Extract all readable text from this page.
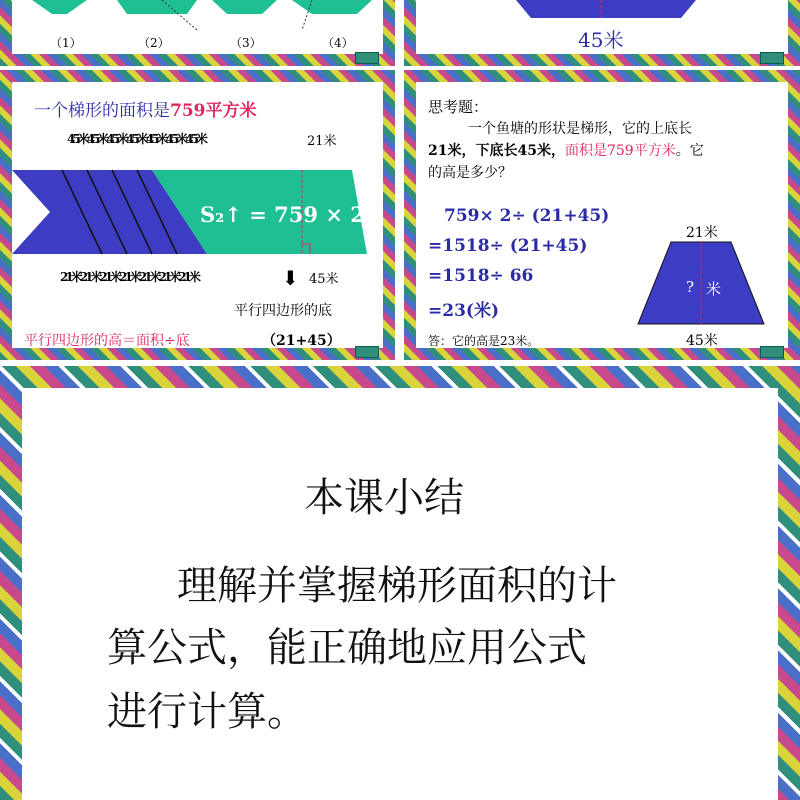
（1）	（2）	（3）	（4）	45米
一个梯形的面积是759平方米
45米45米45米45米45米45米45米	21米
S₂↑ = 759 × 2
21米21米21米21米21米21米21米	45米
⬇
平行四边形的底
平行四边形的高＝面积÷底	（21+45）
思考题：
一个鱼塘的形状是梯形，它的上底长
21米，下底长45米，面积是759平方米。它
的高是多少？
759× 2÷ (21+45)
=1518÷ (21+45)
=1518÷ 66
=23(米)
21米
? 米
45米
答：它的高是23米。
本课小结
理解并掌握梯形面积的计
算公式，能正确地应用公式
进行计算。
